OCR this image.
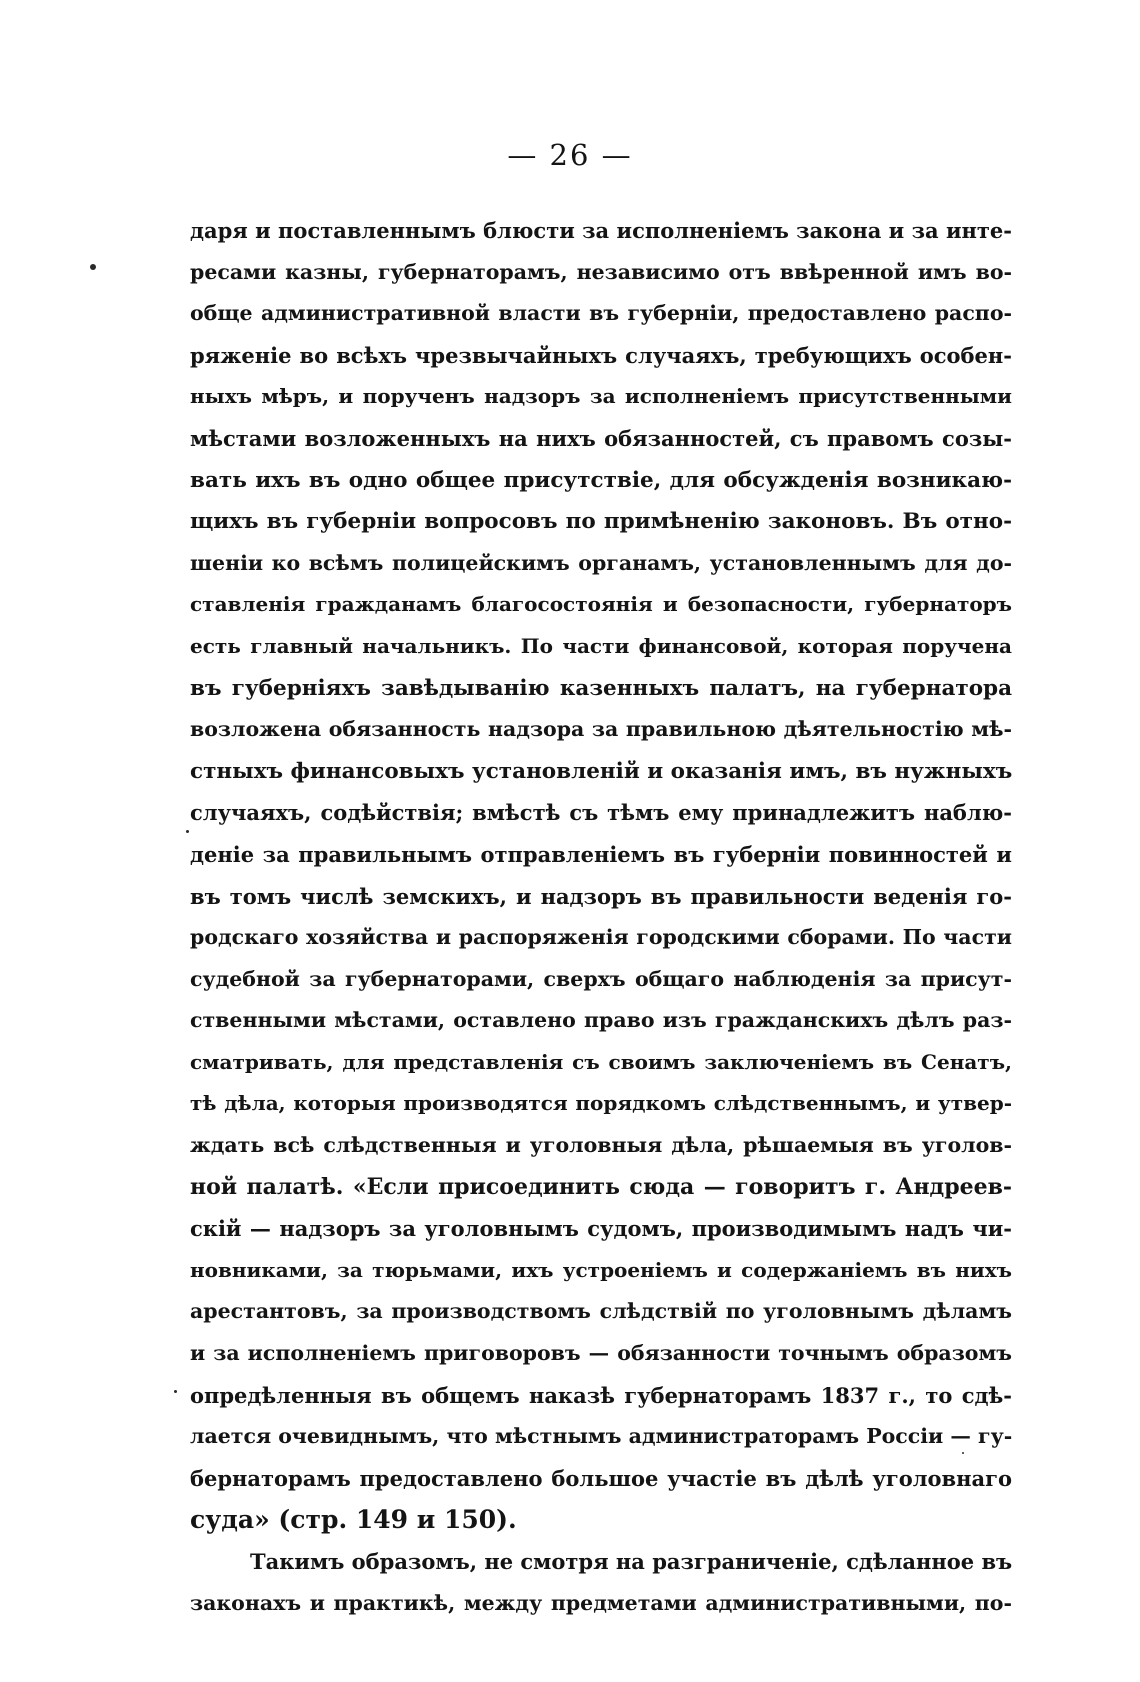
— 26 —
даря и поставленнымъ блюсти за исполненіемъ закона и за инте-
ресами казны, губернаторамъ, независимо отъ ввѣренной имъ во-
обще административной власти въ губерніи, предоставлено распо-
ряженіе во всѣхъ чрезвычайныхъ случаяхъ, требующихъ особен-
ныхъ мѣръ, и порученъ надзоръ за исполненіемъ присутственными
мѣстами возложенныхъ на нихъ обязанностей, съ правомъ созы-
вать ихъ въ одно общее присутствіе, для обсужденія возникаю-
щихъ въ губерніи вопросовъ по примѣненію законовъ. Въ отно-
шеніи ко всѣмъ полицейскимъ органамъ, установленнымъ для до-
ставленія гражданамъ благосостоянія и безопасности, губернаторъ
есть главный начальникъ. По части финансовой, которая поручена
въ губерніяхъ завѣдыванію казенныхъ палатъ, на губернатора
возложена обязанность надзора за правильною дѣятельностію мѣ-
стныхъ финансовыхъ установленій и оказанія имъ, въ нужныхъ
случаяхъ, содѣйствія; вмѣстѣ съ тѣмъ ему принадлежитъ наблю-
деніе за правильнымъ отправленіемъ въ губерніи повинностей и
въ томъ числѣ земскихъ, и надзоръ въ правильности веденія го-
родскаго хозяйства и распоряженія городскими сборами. По части
судебной за губернаторами, сверхъ общаго наблюденія за присут-
ственными мѣстами, оставлено право изъ гражданскихъ дѣлъ раз-
сматривать, для представленія съ своимъ заключеніемъ въ Сенатъ,
тѣ дѣла, которыя производятся порядкомъ слѣдственнымъ, и утвер-
ждать всѣ слѣдственныя и уголовныя дѣла, рѣшаемыя въ уголов-
ной палатѣ. «Если присоединить сюда — говоритъ г. Андреев-
скій — надзоръ за уголовнымъ судомъ, производимымъ надъ чи-
новниками, за тюрьмами, ихъ устроеніемъ и содержаніемъ въ нихъ
арестантовъ, за производствомъ слѣдствій по уголовнымъ дѣламъ
и за исполненіемъ приговоровъ — обязанности точнымъ образомъ
опредѣленныя въ общемъ наказѣ губернаторамъ 1837 г., то сдѣ-
лается очевиднымъ, что мѣстнымъ администраторамъ Россіи — гу-
бернаторамъ предоставлено большое участіе въ дѣлѣ уголовнаго
суда» (стр. 149 и 150).
Такимъ образомъ, не смотря на разграниченіе, сдѣланное въ
законахъ и практикѣ, между предметами административными, по-
